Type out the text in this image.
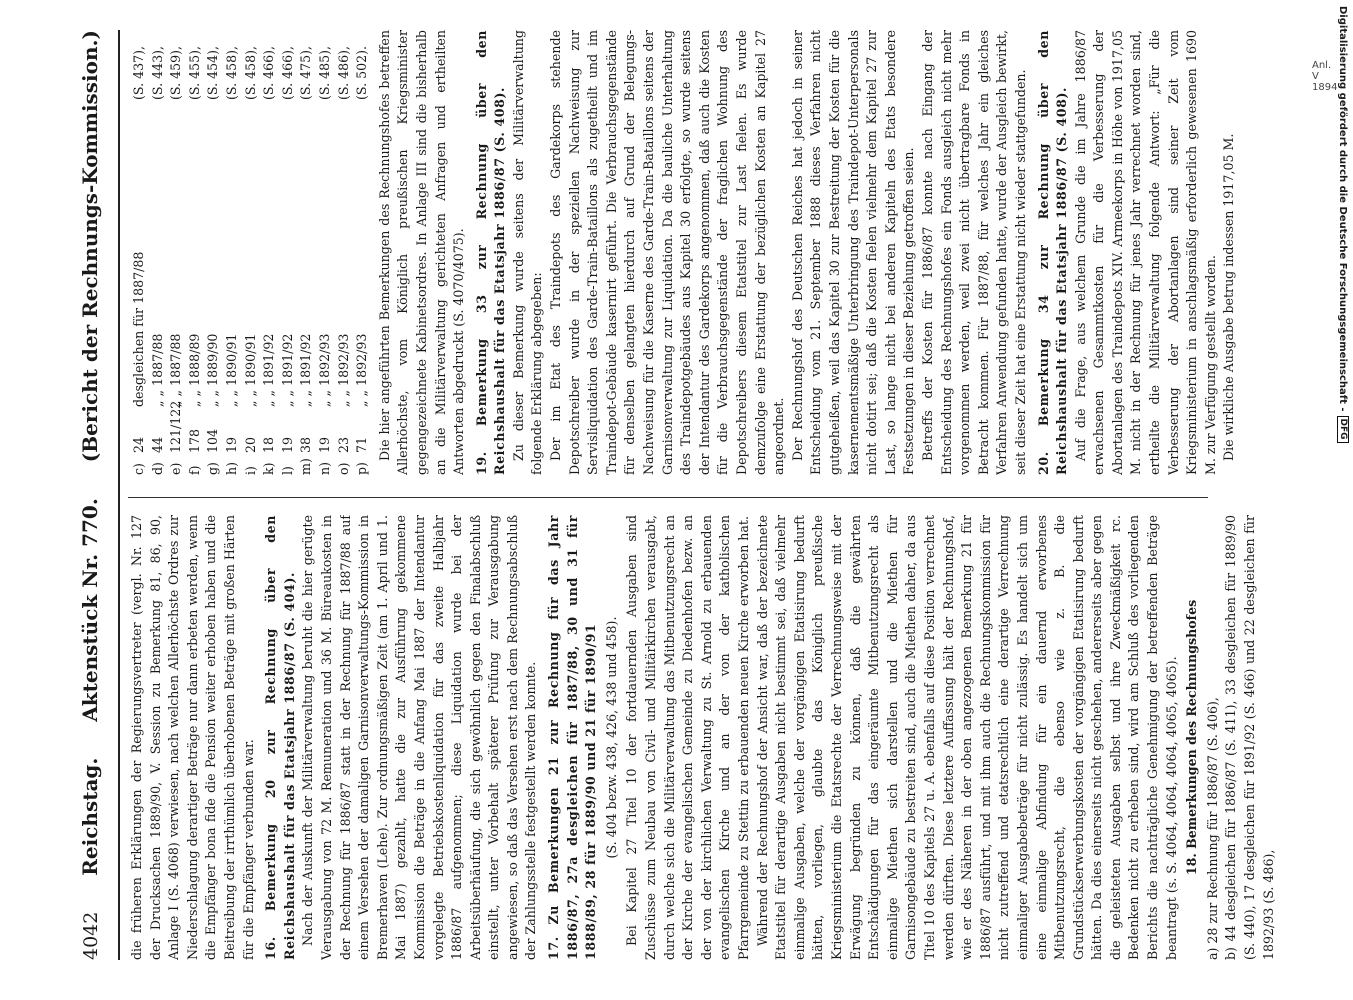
4042
Reichstag.
Aktenstück Nr. 770.
(Bericht der Rechnungs-Kommission.)

die früheren Erklärungen der Regierungsvertreter (vergl. Nr. 127 der Drucksachen 1889/90, V. Session zu Bemerkung 81, 86, 90, Anlage I (S. 4068) verwiesen, nach welchen Allerhöchste Ordres zur Niederschlagung derartiger Beträge nur dann erbeten werden, wenn die Empfänger bona fide die Pension weiter erhoben haben und die Beitreibung der irrthümlich überhobenen Beträge mit großen Härten für die Empfänger verbunden war. 16. Bemerkung 20 zur Rechnung über den Reichshaushalt für das Etatsjahr 1886/87 (S. 404). Nach der Auskunft der Militärverwaltung beruht die hier gerügte Verausgabung von 72 M. Remuneration und 36 M. Büreaukosten in der Rechnung für 1886/87 statt in der Rechnung für 1887/88 auf einem Versehen der damaligen Garnisonverwaltungs-Kommission in Bremerhaven (Lehe). Zur ordnungsmäßigen Zeit (am 1. April und 1. Mai 1887) gezahlt, hatte die zur Ausführung gekommene Kommission die Beträge in die Anfang Mai 1887 der Intendantur vorgelegte Betriebskostenliquidation für das zweite Halbjahr 1886/87 aufgenommen; diese Liquidation wurde bei der Arbeitsüberhäufung, die sich gewöhnlich gegen den Finalabschluß einstellt, unter Vorbehalt späterer Prüfung zur Verausgabung angewiesen, so daß das Versehen erst nach dem Rechnungsabschluß der Zahlungsstelle festgestellt werden konnte. 17. Zu Bemerkungen 21 zur Rechnung für das Jahr 1886/87, 27a desgleichen für 1887/88, 30 und 31 für 1888/89, 28 für 1889/90 und 21 für 1890/91 (S. 404 bezw. 438, 426, 438 und 458). Bei Kapitel 27 Titel 10 der fortdauernden Ausgaben sind Zuschüsse zum Neubau von Civil- und Militärkirchen verausgabt, durch welche sich die Militärverwaltung das Mitbenutzungsrecht an der Kirche der evangelischen Gemeinde zu Diedenhofen bezw. an der von der kirchlichen Verwaltung zu St. Arnold zu erbauenden evangelischen Kirche und an der von der katholischen Pfarrgemeinde zu Stettin zu erbauenden neuen Kirche erworben hat. Während der Rechnungshof der Ansicht war, daß der bezeichnete Etatstitel für derartige Ausgaben nicht bestimmt sei, daß vielmehr einmalige Ausgaben, welche der vorgängigen Etatisirung bedurft hätten, vorliegen, glaubte das Königlich preußische Kriegsministerium die Etatsrechte der Verrechnungsweise mit der Erwägung begründen zu können, daß die gewährten Entschädigungen für das eingeräumte Mitbenutzungsrecht als einmalige Miethen sich darstellen und die Miethen für Garnisongebäude zu bestreiten sind, auch die Miethen daher, da aus Titel 10 des Kapitels 27 u. A. ebenfalls auf diese Position verrechnet werden dürften. Diese letztere Auffassung hält der Rechnungshof, wie er des Näheren in der oben angezogenen Bemerkung 21 für 1886/87 ausführt, und mit ihm auch die Rechnungskommission für nicht zutreffend und etatsrechtlich eine derartige Verrechnung einmaliger Ausgabebeträge für nicht zulässig. Es handelt sich um eine einmalige Abfindung für ein dauernd erworbenes Mitbenutzungsrecht, die ebenso wie z. B. die Grundstückserwerbungskosten der vorgängigen Etatisirung bedurft hätten. Da dies einerseits nicht geschehen, andererseits aber gegen die geleisteten Ausgaben selbst und ihre Zweckmäßigkeit rc. Bedenken nicht zu erheben sind, wird am Schluß des vorliegenden Berichts die nachträgliche Genehmigung der betreffenden Beträge beantragt (s. S. 4064, 4064, 4064, 4065, 4065). 18. Bemerkungen des Rechnungshofes a) 28 zur Rechnung für 1886/87 (S. 406), b) 44 desgleichen für 1886/87 (S. 411), 33 desgleichen für 1889/90 (S. 440), 17 desgleichen für 1891/92 (S. 466) und 22 desgleichen für 1892/93 (S. 486),

c)
24
desgleichen für 1887/88
(S. 437),
d)
44
„ „ 1887/88
(S. 443),
e)
121/122
„ „ 1887/88
(S. 459),
f)
178
„ „ 1888/89
(S. 455),
g)
104
„ „ 1889/90
(S. 454),
h)
19
„ „ 1890/91
(S. 458),
i)
20
„ „ 1890/91
(S. 458),
k)
18
„ „ 1891/92
(S. 466),
l)
19
„ „ 1891/92
(S. 466),
m)
38
„ „ 1891/92
(S. 475),
n)
19
„ „ 1892/93
(S. 485),
o)
23
„ „ 1892/93
(S. 486),
p)
71
„ „ 1892/93
(S. 502). Die hier angeführten Bemerkungen des Rechnungshofes betreffen Allerhöchste, vom Königlich preußischen Kriegsminister gegengezeichnete Kabinetsordres. In Anlage III sind die bisherhalb an die Militärverwaltung gerichteten Anfragen und ertheilten Antworten abgedruckt (S. 4070/4075). 19. Bemerkung 33 zur Rechnung über den Reichshaushalt für das Etatsjahr 1886/87 (S. 408). Zu dieser Bemerkung wurde seitens der Militärverwaltung folgende Erklärung abgegeben: Der im Etat des Traindepots des Gardekorps stehende Depotschreiber wurde in der speziellen Nachweisung zur Servisliquidation des Garde-Train-Bataillons als zugetheilt und im Traindepot-Gebäude kasernirt geführt. Die Verbrauchsgegenstände für denselben gelangten hierdurch auf Grund der Belegungs-Nachweisung für die Kaserne des Garde-Train-Bataillons seitens der Garnisonverwaltung zur Liquidation. Da die bauliche Unterhaltung des Traindepotgebäudes aus Kapitel 30 erfolgte, so wurde seitens der Intendantur des Gardekorps angenommen, daß auch die Kosten für die Verbrauchsgegenstände der fraglichen Wohnung des Depotschreibers diesem Etatstitel zur Last fielen. Es wurde demzufolge eine Erstattung der bezüglichen Kosten an Kapitel 27 angeordnet. Der Rechnungshof des Deutschen Reiches hat jedoch in seiner Entscheidung vom 21. September 1888 dieses Verfahren nicht gutgeheißen, weil das Kapitel 30 zur Bestreitung der Kosten für die kasernementsmäßige Unterbringung des Traindepot-Unterpersonals nicht dotirt sei; daß die Kosten fielen vielmehr dem Kapitel 27 zur Last, so lange nicht bei anderen Kapiteln des Etats besondere Festsetzungen in dieser Beziehung getroffen seien. Betreffs der Kosten für 1886/87 konnte nach Eingang der Entscheidung des Rechnungshofes ein Fonds ausgleich nicht mehr vorgenommen werden, weil zwei nicht übertragbare Fonds in Betracht kommen. Für 1887/88, für welches Jahr ein gleiches Verfahren Anwendung gefunden hatte, wurde der Ausgleich bewirkt, seit dieser Zeit hat eine Erstattung nicht wieder stattgefunden. 20. Bemerkung 34 zur Rechnung über den Reichshaushalt für das Etatsjahr 1886/87 (S. 408). Auf die Frage, aus welchem Grunde die im Jahre 1886/87 erwachsenen Gesammtkosten für die Verbesserung der Abortanlagen des Traindepots XIV. Armeekorps in Höhe von 1917,05 M. nicht in der Rechnung für jenes Jahr verrechnet worden sind, ertheilte die Militärverwaltung folgende Antwort: „Für die Verbesserung der Abortanlagen sind seiner Zeit vom Kriegsministerium in anschlagsmäßig erforderlich gewesenen 1690 M. zur Verfügung gestellt worden. Die wirkliche Ausgabe betrug indessen 1917,05 M.

Anl. V 1894 Digitalisierung gefördert durch die Deutsche Forschungsgemeinschaft -
DFG
